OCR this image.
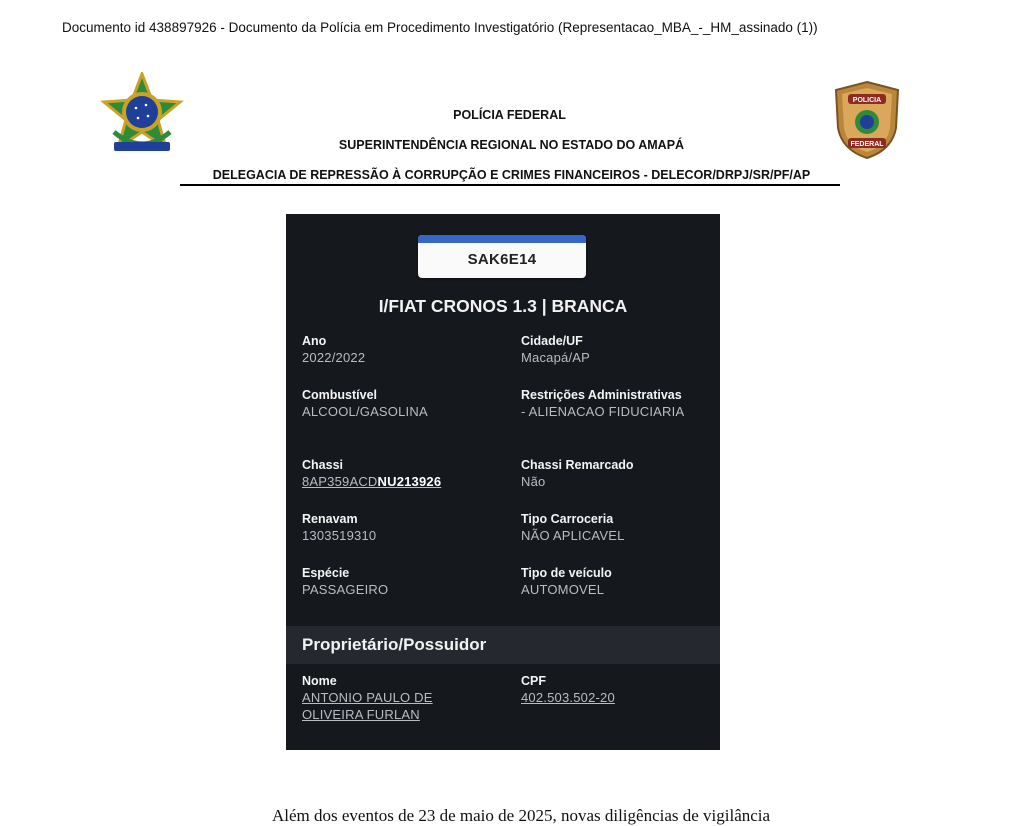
Documento id 438897926 - Documento da Polícia em Procedimento Investigatório (Representacao_MBA_-_HM_assinado (1))
POLÍCIA FEDERAL
SUPERINTENDÊNCIA REGIONAL NO ESTADO DO AMAPÁ
DELEGACIA DE REPRESSÃO À CORRUPÇÃO E CRIMES FINANCEIROS - DELECOR/DRPJ/SR/PF/AP
POLICIA
FEDERAL
SAK6E14
I/FIAT CRONOS 1.3 | BRANCA
Ano
2022/2022
Cidade/UF
Macapá/AP
Combustível
ALCOOL/GASOLINA
Restrições Administrativas
- ALIENACAO FIDUCIARIA
Chassi
8AP359ACDNU213926
Chassi Remarcado
Não
Renavam
1303519310
Tipo Carroceria
NÃO APLICAVEL
Espécie
PASSAGEIRO
Tipo de veículo
AUTOMOVEL
Proprietário/Possuidor
Nome
ANTONIO PAULO DE
OLIVEIRA FURLAN
CPF
402.503.502-20
Além dos eventos de 23 de maio de 2025, novas diligências de vigilância
